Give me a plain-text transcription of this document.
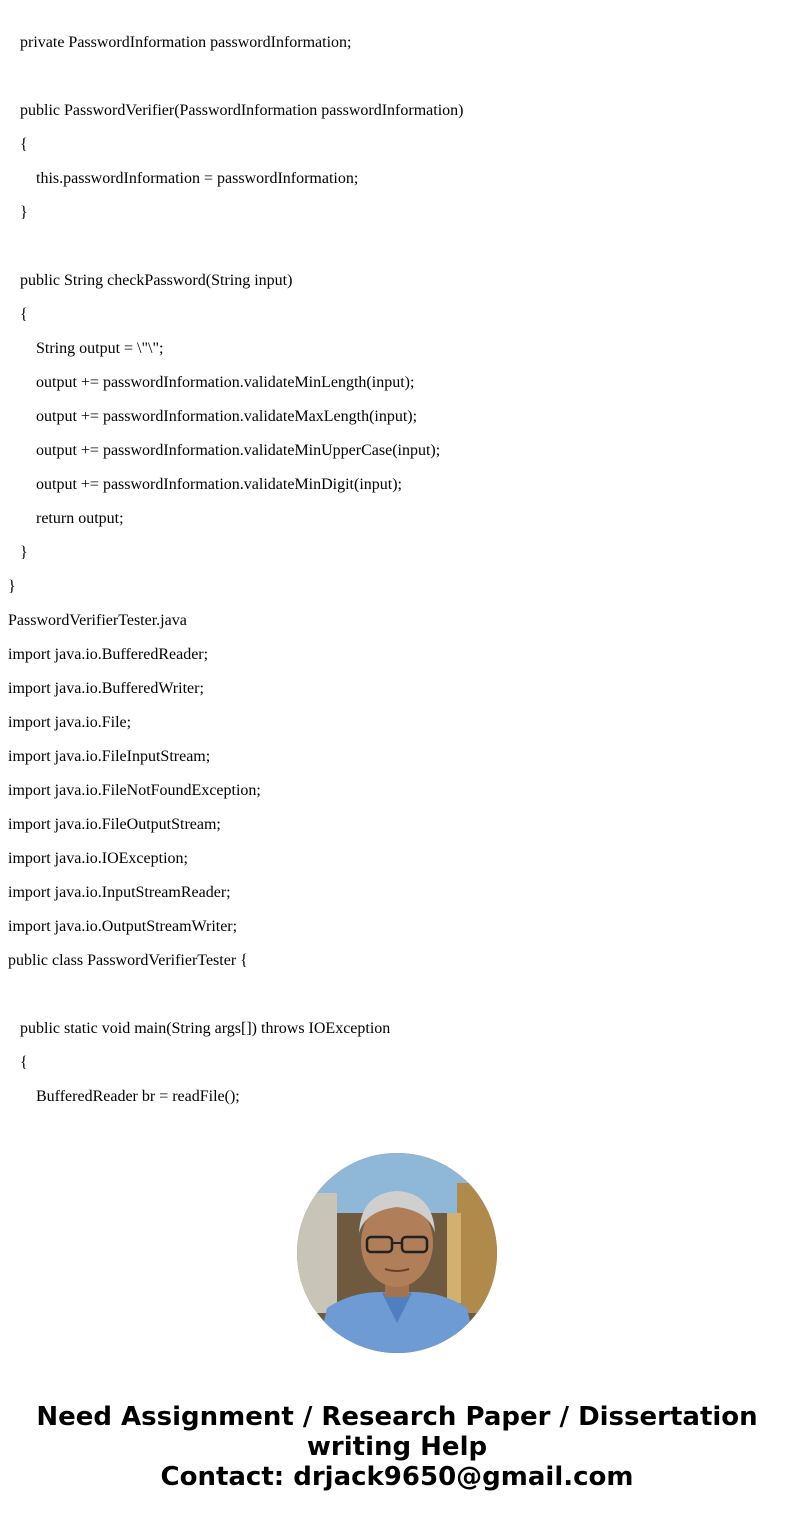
private PasswordInformation passwordInformation;
public PasswordVerifier(PasswordInformation passwordInformation)
{
this.passwordInformation = passwordInformation;
}
public String checkPassword(String input)
{
String output = \"\";
output += passwordInformation.validateMinLength(input);
output += passwordInformation.validateMaxLength(input);
output += passwordInformation.validateMinUpperCase(input);
output += passwordInformation.validateMinDigit(input);
return output;
}
}
PasswordVerifierTester.java
import java.io.BufferedReader;
import java.io.BufferedWriter;
import java.io.File;
import java.io.FileInputStream;
import java.io.FileNotFoundException;
import java.io.FileOutputStream;
import java.io.IOException;
import java.io.InputStreamReader;
import java.io.OutputStreamWriter;
public class PasswordVerifierTester {
public static void main(String args[]) throws IOException
{
BufferedReader br = readFile();
Need Assignment / Research Paper / Dissertation
writing Help
Contact: drjack9650@gmail.com
